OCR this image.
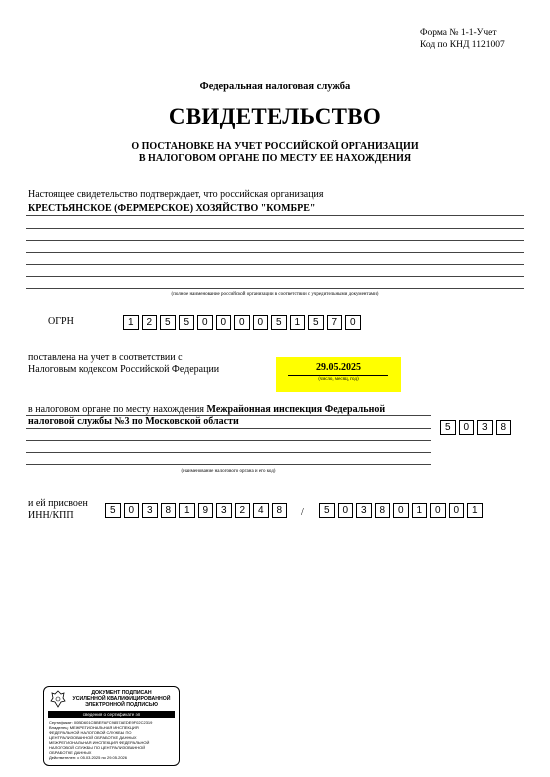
Форма № 1-1-Учет
Код по КНД 1121007
Федеральная налоговая служба
СВИДЕТЕЛЬСТВО
О ПОСТАНОВКЕ НА УЧЕТ РОССИЙСКОЙ ОРГАНИЗАЦИИ
В НАЛОГОВОМ ОРГАНЕ ПО МЕСТУ ЕЕ НАХОЖДЕНИЯ
Настоящее свидетельство подтверждает, что российская организация
КРЕСТЬЯНСКОЕ (ФЕРМЕРСКОЕ) ХОЗЯЙСТВО "КОМБРЕ"
(полное наименование российской организации в соответствии с учредительными документами)
ОГРН	1	2	5	5	0	0	0	0	5	1	5	7	0
поставлена на учет в соответствии с
Налоговым кодексом Российской Федерации	29.05.2025
(число, месяц, год)
в налоговом органе по месту нахождения Межрайонная инспекция Федеральной
налоговой службы №3 по Московской области
5	0	3	8
(наименование налогового органа и его код)
и ей присвоен
ИНН/КПП	5	0	3	8	1	9	3	2	4	8	/	5	0	3	8	0	1	0	0	1
ДОКУМЕНТ ПОДПИСАН
УСИЛЕННОЙ КВАЛИФИЦИРОВАННОЙ
ЭЛЕКТРОННОЙ ПОДПИСЬЮ
сведения о сертификате эп
Сертификат: 00BD601CBBEFAFC9857AEDE9F02C2319
Владелец: МЕЖРЕГИОНАЛЬНАЯ ИНСПЕКЦИЯ
ФЕДЕРАЛЬНОЙ НАЛОГОВОЙ СЛУЖБЫ ПО
ЦЕНТРАЛИЗОВАННОЙ ОБРАБОТКЕ ДАННЫХ
МЕЖРЕГИОНАЛЬНАЯ ИНСПЕКЦИЯ ФЕДЕРАЛЬНОЙ
НАЛОГОВОЙ СЛУЖБЫ ПО ЦЕНТРАЛИЗОВАННОЙ
ОБРАБОТКЕ ДАННЫХ
Действителен: с 05.03.2025 по 29.05.2026
